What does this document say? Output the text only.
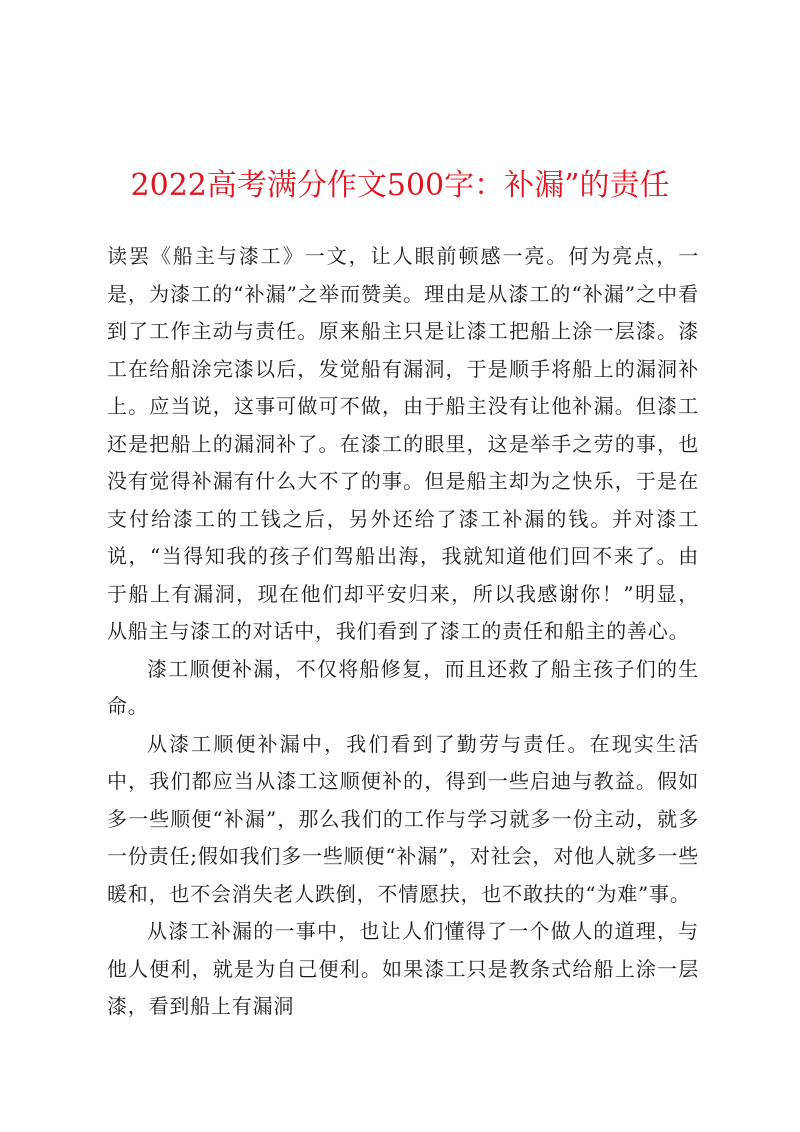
2022高考满分作文500字：补漏”的责任

读罢《船主与漆工》一文，让人眼前顿感一亮。何为亮点，一是，为漆工的“补漏”之举而赞美。理由是从漆工的“补漏”之中看到了工作主动与责任。原来船主只是让漆工把船上涂一层漆。漆工在给船涂完漆以后，发觉船有漏洞，于是顺手将船上的漏洞补上。应当说，这事可做可不做，由于船主没有让他补漏。但漆工还是把船上的漏洞补了。在漆工的眼里，这是举手之劳的事，也没有觉得补漏有什么大不了的事。但是船主却为之快乐，于是在支付给漆工的工钱之后，另外还给了漆工补漏的钱。并对漆工说，“当得知我的孩子们驾船出海，我就知道他们回不来了。由于船上有漏洞，现在他们却平安归来，所以我感谢你！”明显，从船主与漆工的对话中，我们看到了漆工的责任和船主的善心。

漆工顺便补漏，不仅将船修复，而且还救了船主孩子们的生命。

从漆工顺便补漏中，我们看到了勤劳与责任。在现实生活中，我们都应当从漆工这顺便补的，得到一些启迪与教益。假如多一些顺便“补漏”，那么我们的工作与学习就多一份主动，就多一份责任;假如我们多一些顺便“补漏”，对社会，对他人就多一些暖和，也不会消失老人跌倒，不情愿扶，也不敢扶的“为难”事。

从漆工补漏的一事中，也让人们懂得了一个做人的道理，与他人便利，就是为自己便利。如果漆工只是教条式给船上涂一层漆，看到船上有漏洞
